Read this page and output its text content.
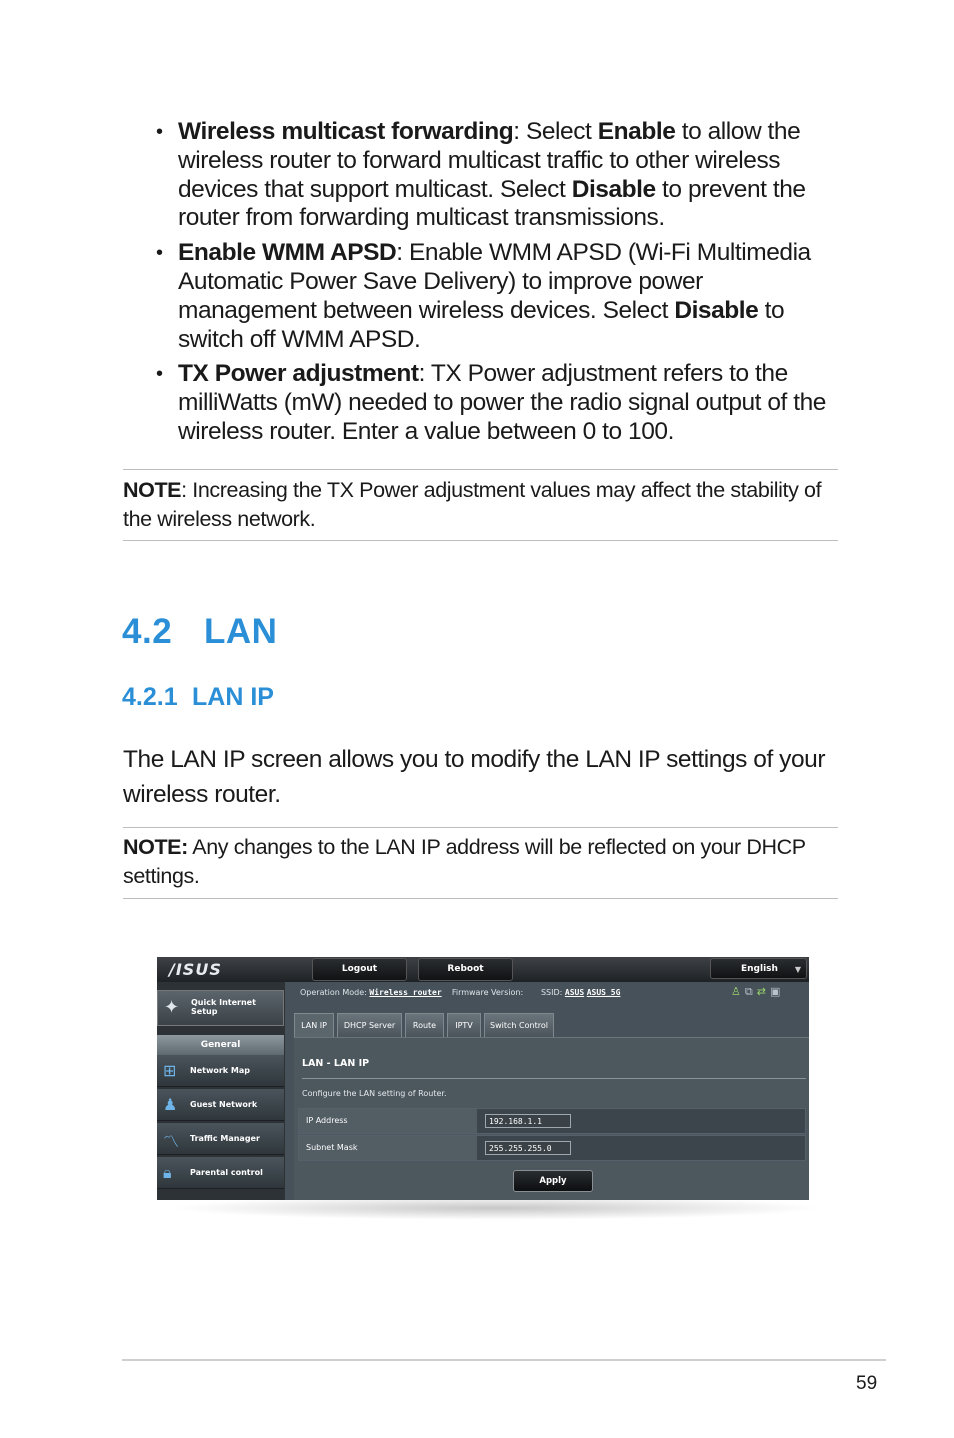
• Wireless multicast forwarding: Select Enable to allow the wireless router to forward multicast traffic to other wireless devices that support multicast. Select Disable to prevent the router from forwarding multicast transmissions.
• Enable WMM APSD: Enable WMM APSD (Wi-Fi Multimedia Automatic Power Save Delivery) to improve power management between wireless devices. Select Disable to switch off WMM APSD.
• TX Power adjustment: TX Power adjustment refers to the milliWatts (mW) needed to power the radio signal output of the wireless router. Enter a value between 0 to 100.
NOTE: Increasing the TX Power adjustment values may affect the stability of the wireless network.
4.2 LAN
4.2.1 LAN IP
The LAN IP screen allows you to modify the LAN IP settings of your wireless router.
NOTE: Any changes to the LAN IP address will be reflected on your DHCP settings.
/ISUS	Logout	Reboot	English ▼
✦ Quick Internet
Setup
General
⊞ Network Map
♟ Guest Network
〽 Traffic Manager
🔒︎ Parental control
Operation Mode: Wireless router Firmware Version: SSID: ASUS ASUS_5G	♙⧉⇄▣
LAN IP	DHCP Server	Route	IPTV	Switch Control
LAN - LAN IP
Configure the LAN setting of Router.
IP Address	192.168.1.1
Subnet Mask	255.255.255.0
Apply
59
